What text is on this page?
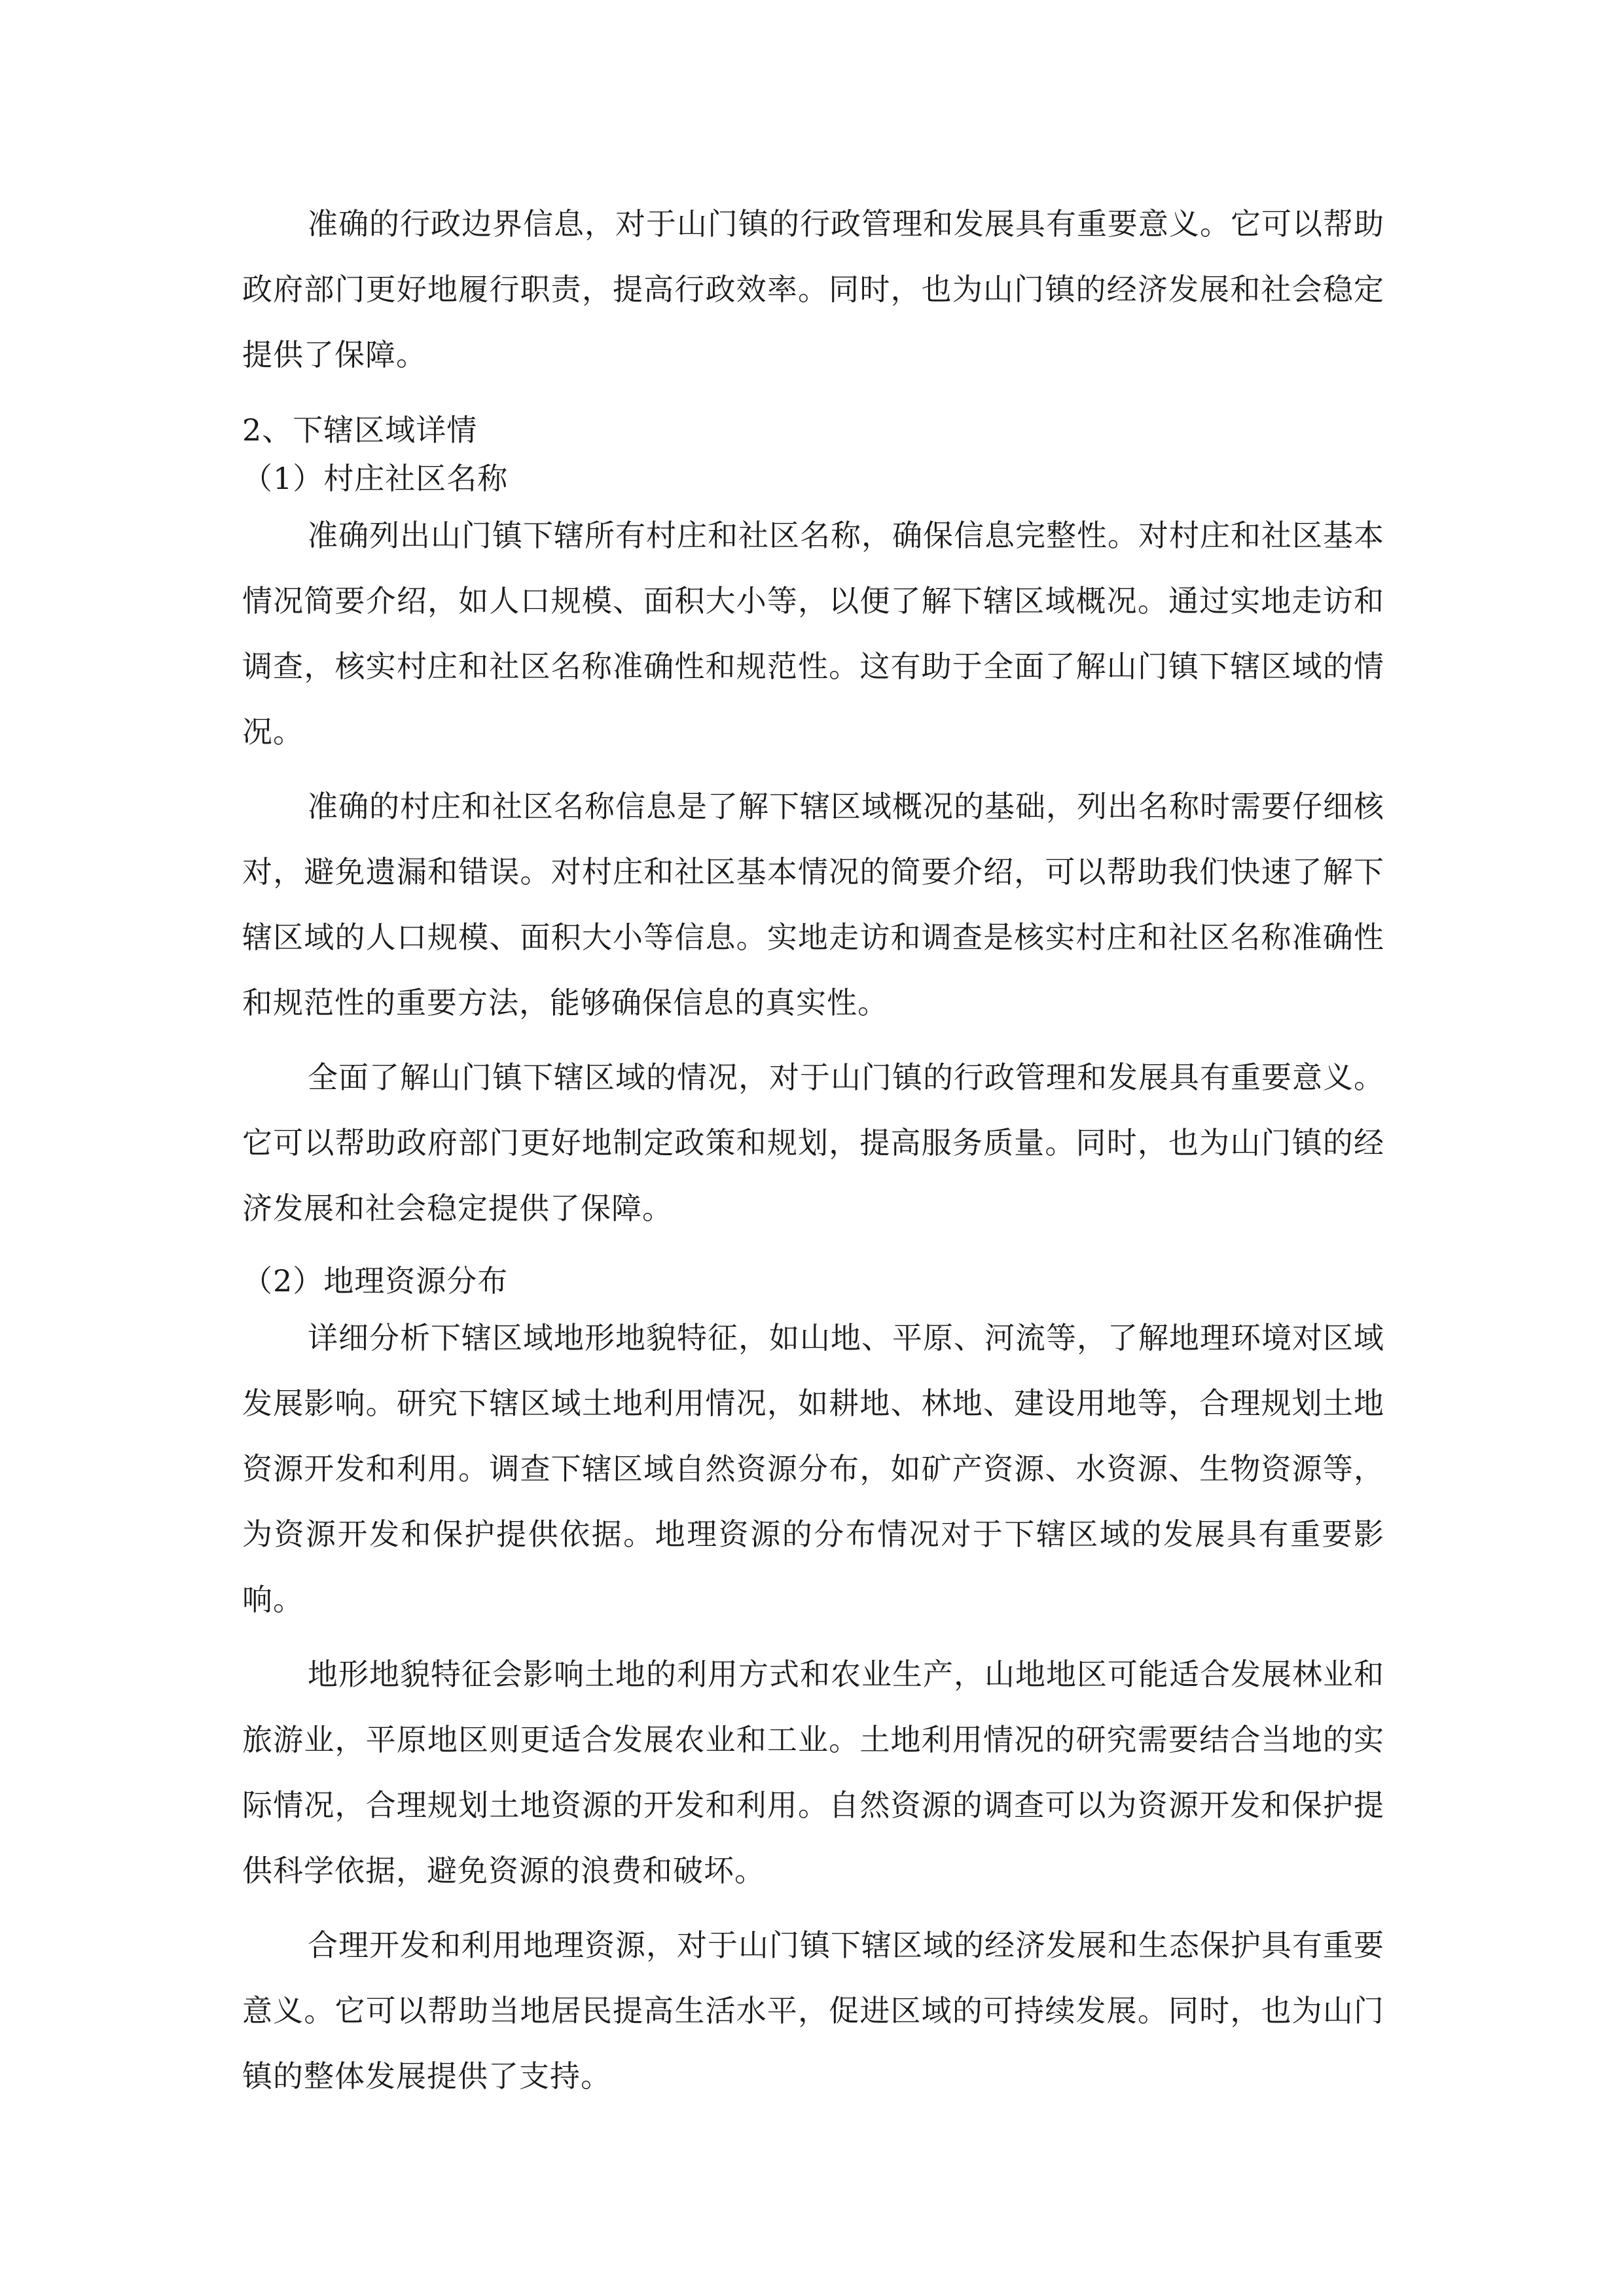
准确的行政边界信息，对于山门镇的行政管理和发展具有重要意义。它可以帮助政府部门更好地履行职责，提高行政效率。同时，也为山门镇的经济发展和社会稳定提供了保障。

2、下辖区域详情

（1）村庄社区名称

准确列出山门镇下辖所有村庄和社区名称，确保信息完整性。对村庄和社区基本情况简要介绍，如人口规模、面积大小等，以便了解下辖区域概况。通过实地走访和调查，核实村庄和社区名称准确性和规范性。这有助于全面了解山门镇下辖区域的情况。

准确的村庄和社区名称信息是了解下辖区域概况的基础，列出名称时需要仔细核对，避免遗漏和错误。对村庄和社区基本情况的简要介绍，可以帮助我们快速了解下辖区域的人口规模、面积大小等信息。实地走访和调查是核实村庄和社区名称准确性和规范性的重要方法，能够确保信息的真实性。

全面了解山门镇下辖区域的情况，对于山门镇的行政管理和发展具有重要意义。它可以帮助政府部门更好地制定政策和规划，提高服务质量。同时，也为山门镇的经济发展和社会稳定提供了保障。

（2）地理资源分布

详细分析下辖区域地形地貌特征，如山地、平原、河流等，了解地理环境对区域发展影响。研究下辖区域土地利用情况，如耕地、林地、建设用地等，合理规划土地资源开发和利用。调查下辖区域自然资源分布，如矿产资源、水资源、生物资源等，为资源开发和保护提供依据。地理资源的分布情况对于下辖区域的发展具有重要影响。

地形地貌特征会影响土地的利用方式和农业生产，山地地区可能适合发展林业和旅游业，平原地区则更适合发展农业和工业。土地利用情况的研究需要结合当地的实际情况，合理规划土地资源的开发和利用。自然资源的调查可以为资源开发和保护提供科学依据，避免资源的浪费和破坏。

合理开发和利用地理资源，对于山门镇下辖区域的经济发展和生态保护具有重要意义。它可以帮助当地居民提高生活水平，促进区域的可持续发展。同时，也为山门镇的整体发展提供了支持。
